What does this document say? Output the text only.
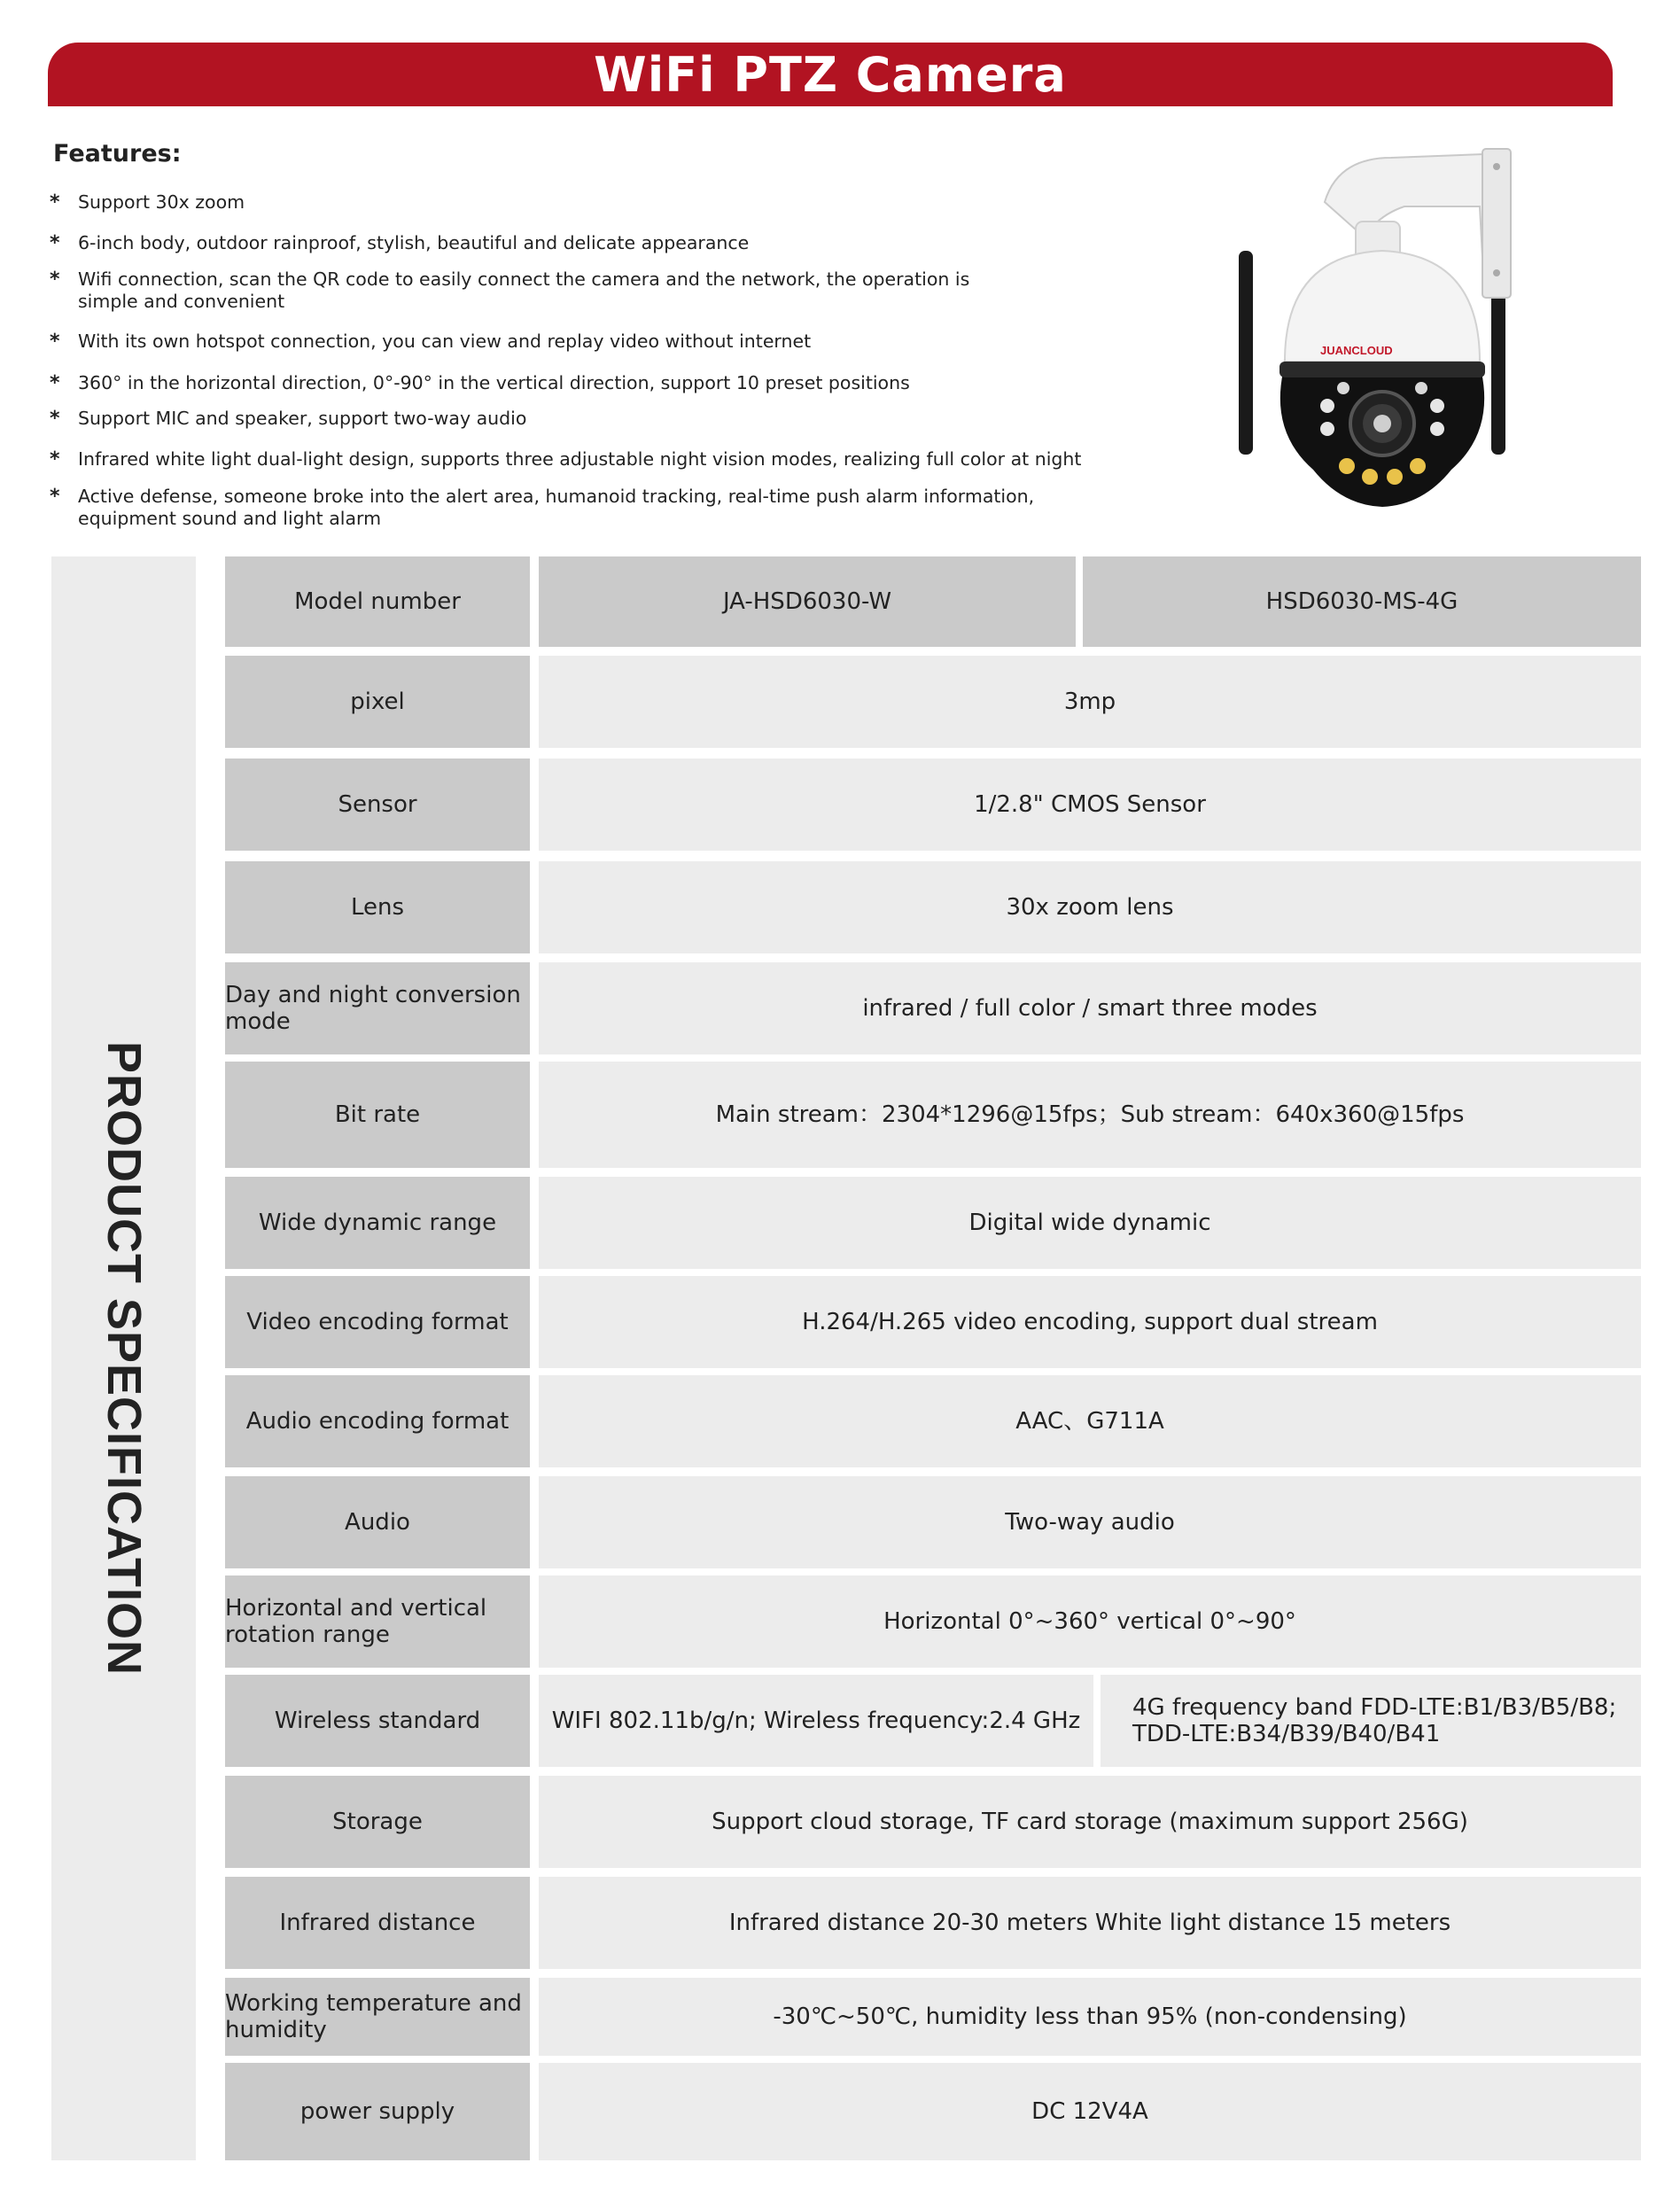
WiFi PTZ Camera
Features:
* Support 30x zoom
* 6-inch body, outdoor rainproof, stylish, beautiful and delicate appearance
* Wifi connection, scan the QR code to easily connect the camera and the network, the operation is simple and convenient
* With its own hotspot connection, you can view and replay video without internet
* 360° in the horizontal direction, 0°-90° in the vertical direction, support 10 preset positions
* Support MIC and speaker, support two-way audio
* Infrared white light dual-light design, supports three adjustable night vision modes, realizing full color at night
* Active defense, someone broke into the alert area, humanoid tracking, real-time push alarm information, equipment sound and light alarm
JUANCLOUD
PRODUCT SPECIFICATION
Model number	JA-HSD6030-W	HSD6030-MS-4G
pixel	3mp
Sensor	1/2.8" CMOS Sensor
Lens	30x zoom lens
Day and night conversion mode	infrared / full color / smart three modes
Bit rate	Main stream：2304*1296@15fps；Sub stream：640x360@15fps
Wide dynamic range	Digital wide dynamic
Video encoding format	H.264/H.265 video encoding, support dual stream
Audio encoding format	AAC、G711A
Audio	Two-way audio
Horizontal and vertical rotation range	Horizontal 0°~360° vertical 0°~90°
Wireless standard	WIFI 802.11b/g/n; Wireless frequency:2.4 GHz	4G frequency band FDD-LTE:B1/B3/B5/B8; TDD-LTE:B34/B39/B40/B41
Storage	Support cloud storage, TF card storage (maximum support 256G)
Infrared distance	Infrared distance 20-30 meters White light distance 15 meters
Working temperature and humidity	-30℃~50℃, humidity less than 95% (non-condensing)
power supply	DC 12V4A
